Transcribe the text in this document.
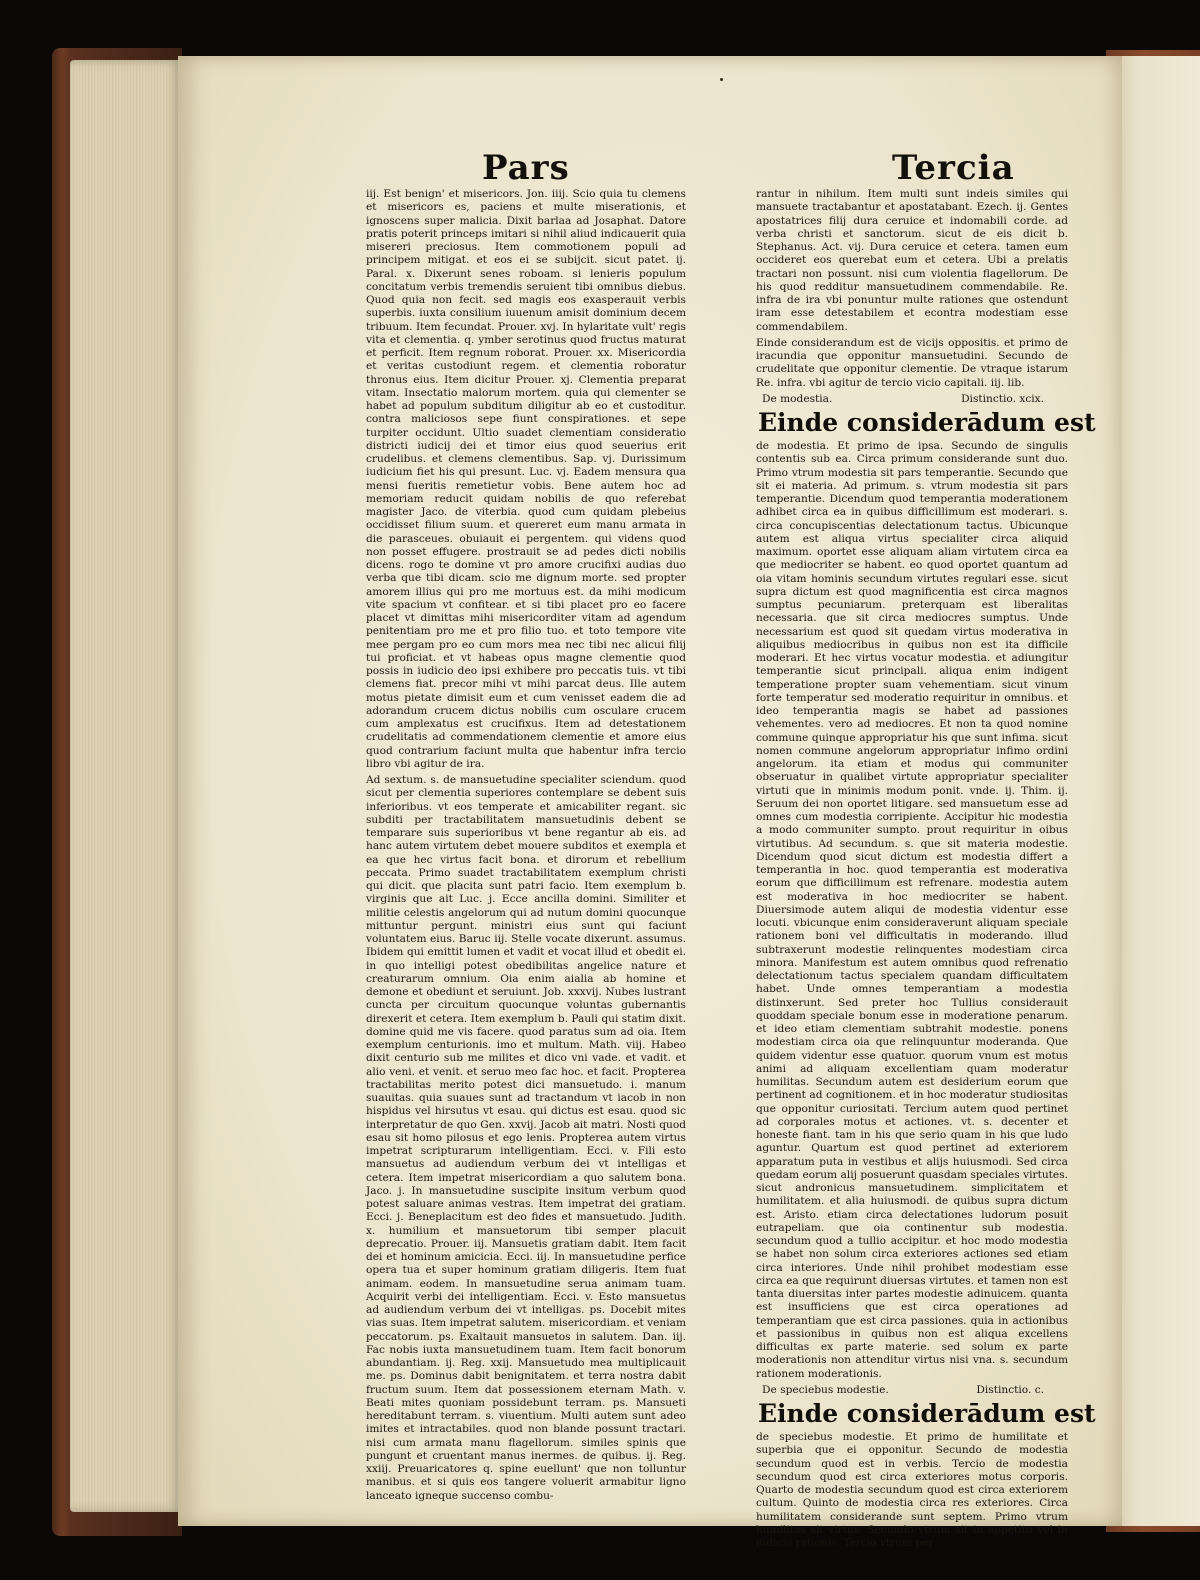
Pars	Tercia

iij. Est benign' et misericors. Jon. iiij. Scio quia tu clemens et misericors es, paciens et multe miserationis, et ignoscens super malicia. Dixit barlaa ad Josaphat. Datore pratis poterit princeps imitari si nihil aliud indicauerit quia misereri preciosus. Item commotionem populi ad principem mitigat. et eos ei se subijcit. sicut patet. ij. Paral. x. Dixerunt senes roboam. si lenieris populum concitatum verbis tremendis seruient tibi omnibus diebus. Quod quia non fecit. sed magis eos exasperauit verbis superbis. iuxta consilium iuuenum amisit dominium decem tribuum. Item fecundat. Prouer. xvj. In hylaritate vult' regis vita et clementia. q. ymber serotinus quod fructus maturat et perficit. Item regnum roborat. Prouer. xx. Misericordia et veritas custodiunt regem. et clementia roboratur thronus eius. Item dicitur Prouer. xj. Clementia preparat vitam. Insectatio malorum mortem. quia qui clementer se habet ad populum subditum diligitur ab eo et custoditur. contra maliciosos sepe fiunt conspirationes. et sepe turpiter occidunt. Ultio suadet clementiam consideratio districti iudicij dei et timor eius quod seuerius erit crudelibus. et clemens clementibus. Sap. vj. Durissimum iudicium fiet his qui presunt. Luc. vj. Eadem mensura qua mensi fueritis remetietur vobis. Bene autem hoc ad memoriam reducit quidam nobilis de quo referebat magister Jaco. de viterbia. quod cum quidam plebeius occidisset filium suum. et quereret eum manu armata in die parasceues. obuiauit ei pergentem. qui videns quod non posset effugere. prostrauit se ad pedes dicti nobilis dicens. rogo te domine vt pro amore crucifixi audias duo verba que tibi dicam. scio me dignum morte. sed propter amorem illius qui pro me mortuus est. da mihi modicum vite spacium vt confitear. et si tibi placet pro eo facere placet vt dimittas mihi misericorditer vitam ad agendum penitentiam pro me et pro filio tuo. et toto tempore vite mee pergam pro eo cum mors mea nec tibi nec alicui filij tui proficiat. et vt habeas opus magne clementie quod possis in iudicio deo ipsi exhibere pro peccatis tuis. vt tibi clemens fiat. precor mihi vt mihi parcat deus. Ille autem motus pietate dimisit eum et cum venisset eadem die ad adorandum crucem dictus nobilis cum osculare crucem cum amplexatus est crucifixus. Item ad detestationem crudelitatis ad commendationem clementie et amore eius quod contrarium faciunt multa que habentur infra tercio libro vbi agitur de ira.

Ad sextum. s. de mansuetudine specialiter sciendum. quod sicut per clementia superiores contemplare se debent suis inferioribus. vt eos temperate et amicabiliter regant. sic subditi per tractabilitatem mansuetudinis debent se temparare suis superioribus vt bene regantur ab eis. ad hanc autem virtutem debet mouere subditos et exempla et ea que hec virtus facit bona. et dirorum et rebellium peccata. Primo suadet tractabilitatem exemplum christi qui dicit. que placita sunt patri facio. Item exemplum b. virginis que ait Luc. j. Ecce ancilla domini. Similiter et militie celestis angelorum qui ad nutum domini quocunque mittuntur pergunt. ministri eius sunt qui faciunt voluntatem eius. Baruc iij. Stelle vocate dixerunt. assumus. Ibidem qui emittit lumen et vadit et vocat illud et obedit ei. in quo intelligi potest obedibilitas angelice nature et creaturarum omnium. Oia enim aialia ab homine et demone et obediunt et seruiunt. Job. xxxvij. Nubes lustrant cuncta per circuitum quocunque voluntas gubernantis direxerit et cetera. Item exemplum b. Pauli qui statim dixit. domine quid me vis facere. quod paratus sum ad oia. Item exemplum centurionis. imo et multum. Math. viij. Habeo dixit centurio sub me milites et dico vni vade. et vadit. et alio veni. et venit. et seruo meo fac hoc. et facit. Propterea tractabilitas merito potest dici mansuetudo. i. manum suauitas. quia suaues sunt ad tractandum vt iacob in non hispidus vel hirsutus vt esau. qui dictus est esau. quod sic interpretatur de quo Gen. xxvij. Jacob ait matri. Nosti quod esau sit homo pilosus et ego lenis. Propterea autem virtus impetrat scripturarum intelligentiam. Ecci. v. Fili esto mansuetus ad audiendum verbum dei vt intelligas et cetera. Item impetrat misericordiam a quo salutem bona. Jaco. j. In mansuetudine suscipite insitum verbum quod potest saluare animas vestras. Item impetrat dei gratiam. Ecci. j. Beneplacitum est deo fides et mansuetudo. Judith. x. humilium et mansuetorum tibi semper placuit deprecatio. Prouer. iij. Mansuetis gratiam dabit. Item facit dei et hominum amicicia. Ecci. iij. In mansuetudine perfice opera tua et super hominum gratiam diligeris. Item fuat animam. eodem. In mansuetudine serua animam tuam. Acquirit verbi dei intelligentiam. Ecci. v. Esto mansuetus ad audiendum verbum dei vt intelligas. ps. Docebit mites vias suas. Item impetrat salutem. misericordiam. et veniam peccatorum. ps. Exaltauit mansuetos in salutem. Dan. iij. Fac nobis iuxta mansuetudinem tuam. Item facit bonorum abundantiam. ij. Reg. xxij. Mansuetudo mea multiplicauit me. ps. Dominus dabit benignitatem. et terra nostra dabit fructum suum. Item dat possessionem eternam Math. v. Beati mites quoniam possidebunt terram. ps. Mansueti hereditabunt terram. s. viuentium. Multi autem sunt adeo imites et intractabiles. quod non blande possunt tractari. nisi cum armata manu flagellorum. similes spinis que pungunt et cruentant manus inermes. de quibus. ij. Reg. xxiij. Preuaricatores q. spine euellunt' que non tolluntur manibus. et si quis eos tangere voluerit armabitur ligno lanceato igneque succenso combu-

rantur in nihilum. Item multi sunt indeis similes qui mansuete tractabantur et apostatabant. Ezech. ij. Gentes apostatrices filij dura ceruice et indomabili corde. ad verba christi et sanctorum. sicut de eis dicit b. Stephanus. Act. vij. Dura ceruice et cetera. tamen eum occideret eos querebat eum et cetera. Ubi a prelatis tractari non possunt. nisi cum violentia flagellorum. De his quod redditur mansuetudinem commendabile. Re. infra de ira vbi ponuntur multe rationes que ostendunt iram esse detestabilem et econtra modestiam esse commendabilem.

Einde considerandum est de vicijs oppositis. et primo de iracundia que opponitur mansuetudini. Secundo de crudelitate que opponitur clementie. De vtraque istarum Re. infra. vbi agitur de tercio vicio capitali. iij. lib.

De modestia.	Distinctio. xcix.
Einde considerādum est

de modestia. Et primo de ipsa. Secundo de singulis contentis sub ea. Circa primum considerande sunt duo. Primo vtrum modestia sit pars temperantie. Secundo que sit ei materia. Ad primum. s. vtrum modestia sit pars temperantie. Dicendum quod temperantia moderationem adhibet circa ea in quibus difficillimum est moderari. s. circa concupiscentias delectationum tactus. Ubicunque autem est aliqua virtus specialiter circa aliquid maximum. oportet esse aliquam aliam virtutem circa ea que mediocriter se habent. eo quod oportet quantum ad oia vitam hominis secundum virtutes regulari esse. sicut supra dictum est quod magnificentia est circa magnos sumptus pecuniarum. preterquam est liberalitas necessaria. que sit circa mediocres sumptus. Unde necessarium est quod sit quedam virtus moderativa in aliquibus mediocribus in quibus non est ita difficile moderari. Et hec virtus vocatur modestia. et adiungitur temperantie sicut principali. aliqua enim indigent temperatione propter suam vehementiam. sicut vinum forte temperatur sed moderatio requiritur in omnibus. et ideo temperantia magis se habet ad passiones vehementes. vero ad mediocres. Et non ta quod nomine commune quinque appropriatur his que sunt infima. sicut nomen commune angelorum appropriatur infimo ordini angelorum. ita etiam et modus qui communiter obseruatur in qualibet virtute appropriatur specialiter virtuti que in minimis modum ponit. vnde. ij. Thim. ij. Seruum dei non oportet litigare. sed mansuetum esse ad omnes cum modestia corripiente. Accipitur hic modestia a modo communiter sumpto. prout requiritur in oibus virtutibus. Ad secundum. s. que sit materia modestie. Dicendum quod sicut dictum est modestia differt a temperantia in hoc. quod temperantia est moderativa eorum que difficillimum est refrenare. modestia autem est moderativa in hoc mediocriter se habent. Diuersimode autem aliqui de modestia videntur esse locuti. vbicunque enim consideraverunt aliquam speciale rationem boni vel difficultatis in moderando. illud subtraxerunt modestie relinquentes modestiam circa minora. Manifestum est autem omnibus quod refrenatio delectationum tactus specialem quandam difficultatem habet. Unde omnes temperantiam a modestia distinxerunt. Sed preter hoc Tullius considerauit quoddam speciale bonum esse in moderatione penarum. et ideo etiam clementiam subtrahit modestie. ponens modestiam circa oia que relinquuntur moderanda. Que quidem videntur esse quatuor. quorum vnum est motus animi ad aliquam excellentiam quam moderatur humilitas. Secundum autem est desiderium eorum que pertinent ad cognitionem. et in hoc moderatur studiositas que opponitur curiositati. Tercium autem quod pertinet ad corporales motus et actiones. vt. s. decenter et honeste fiant. tam in his que serio quam in his que ludo aguntur. Quartum est quod pertinet ad exteriorem apparatum puta in vestibus et alijs huiusmodi. Sed circa quedam eorum alij posuerunt quasdam speciales virtutes. sicut andronicus mansuetudinem. simplicitatem et humilitatem. et alia huiusmodi. de quibus supra dictum est. Aristo. etiam circa delectationes ludorum posuit eutrapeliam. que oia continentur sub modestia. secundum quod a tullio accipitur. et hoc modo modestia se habet non solum circa exteriores actiones sed etiam circa interiores. Unde nihil prohibet modestiam esse circa ea que requirunt diuersas virtutes. et tamen non est tanta diuersitas inter partes modestie adinuicem. quanta est insufficiens que est circa operationes ad temperantiam que est circa passiones. quia in actionibus et passionibus in quibus non est aliqua excellens difficultas ex parte materie. sed solum ex parte moderationis non attenditur virtus nisi vna. s. secundum rationem moderationis.

De speciebus modestie.	Distinctio. c.
Einde considerādum est

de speciebus modestie. Et primo de humilitate et superbia que ei opponitur. Secundo de modestia secundum quod est in verbis. Tercio de modestia secundum quod est circa exteriores motus corporis. Quarto de modestia secundum quod est circa exteriorem cultum. Quinto de modestia circa res exteriores. Circa humilitatem considerande sunt septem. Primo vtrum humilitas sit virtus. Secundo vtrum sit in appetitu vel in iudicio rationis. Tercio vtrum per
